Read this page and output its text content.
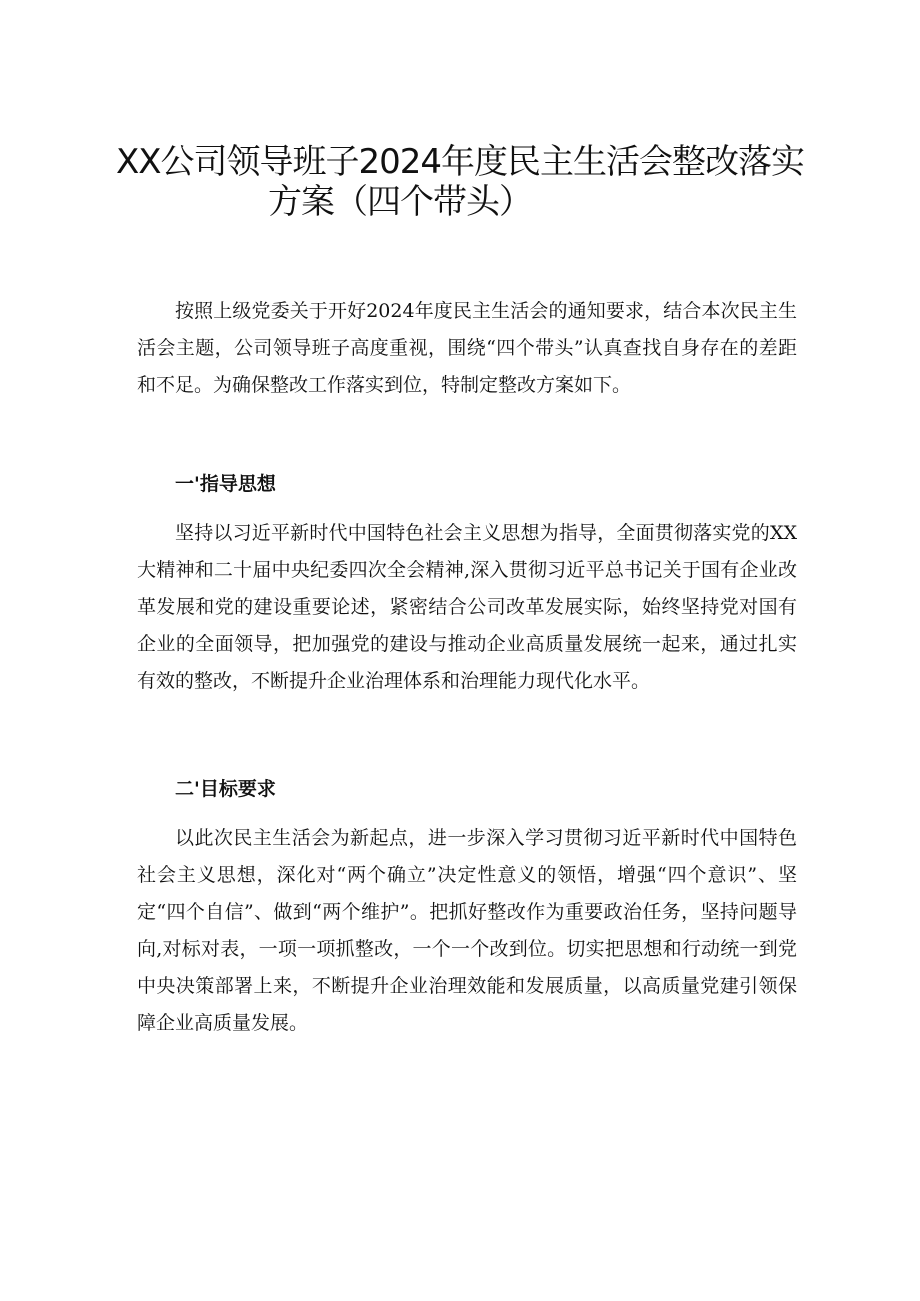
XX公司领导班子2024年度民主生活会整改落实
方案（四个带头）

按照上级党委关于开好2024年度民主生活会的通知要求，结合本次民主生活会主题，公司领导班子高度重视，围绕“四个带头”认真查找自身存在的差距和不足。为确保整改工作落实到位，特制定整改方案如下。

一'指导思想

坚持以习近平新时代中国特色社会主义思想为指导，全面贯彻落实党的XX大精神和二十届中央纪委四次全会精神,深入贯彻习近平总书记关于国有企业改革发展和党的建设重要论述，紧密结合公司改革发展实际，始终坚持党对国有企业的全面领导，把加强党的建设与推动企业高质量发展统一起来，通过扎实有效的整改，不断提升企业治理体系和治理能力现代化水平。

二'目标要求

以此次民主生活会为新起点，进一步深入学习贯彻习近平新时代中国特色社会主义思想，深化对“两个确立”决定性意义的领悟，增强“四个意识”、坚定“四个自信”、做到“两个维护”。把抓好整改作为重要政治任务，坚持问题导向,对标对表，一项一项抓整改，一个一个改到位。切实把思想和行动统一到党中央决策部署上来，不断提升企业治理效能和发展质量，以高质量党建引领保障企业高质量发展。
